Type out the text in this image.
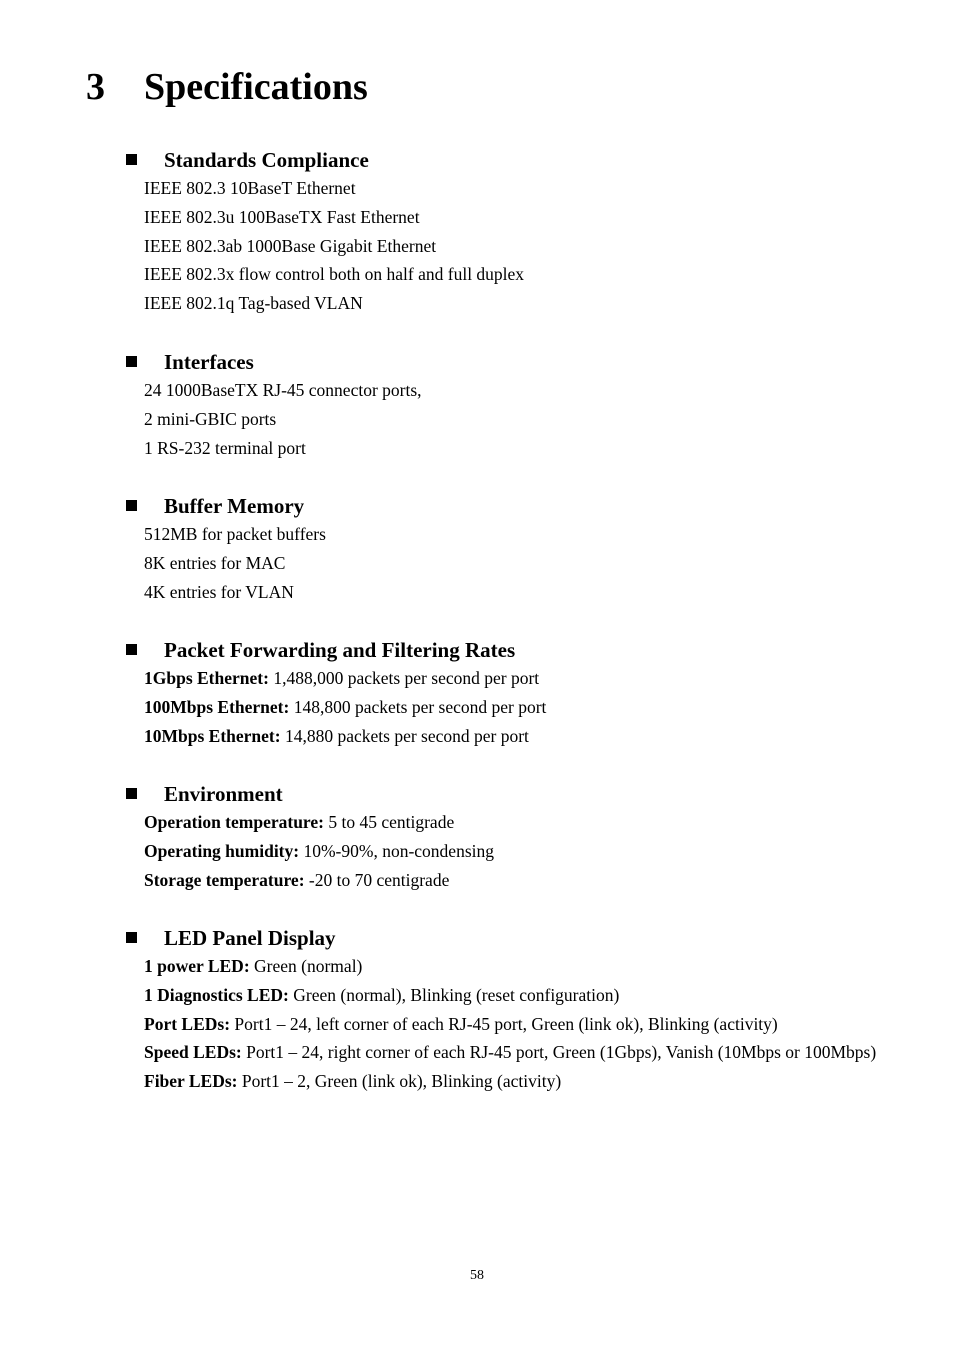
3 Specifications
Standards Compliance
IEEE 802.3 10BaseT Ethernet
IEEE 802.3u 100BaseTX Fast Ethernet
IEEE 802.3ab 1000Base Gigabit Ethernet
IEEE 802.3x flow control both on half and full duplex
IEEE 802.1q Tag-based VLAN
Interfaces
24 1000BaseTX RJ-45 connector ports,
2 mini-GBIC ports
1 RS-232 terminal port
Buffer Memory
512MB for packet buffers
8K entries for MAC
4K entries for VLAN
Packet Forwarding and Filtering Rates
1Gbps Ethernet: 1,488,000 packets per second per port
100Mbps Ethernet: 148,800 packets per second per port
10Mbps Ethernet: 14,880 packets per second per port
Environment
Operation temperature: 5 to 45 centigrade
Operating humidity: 10%-90%, non-condensing
Storage temperature: -20 to 70 centigrade
LED Panel Display
1 power LED: Green (normal)
1 Diagnostics LED: Green (normal), Blinking (reset configuration)
Port LEDs: Port1 – 24, left corner of each RJ-45 port, Green (link ok), Blinking (activity)
Speed LEDs: Port1 – 24, right corner of each RJ-45 port, Green (1Gbps), Vanish (10Mbps or 100Mbps)
Fiber LEDs: Port1 – 2, Green (link ok), Blinking (activity)
58
